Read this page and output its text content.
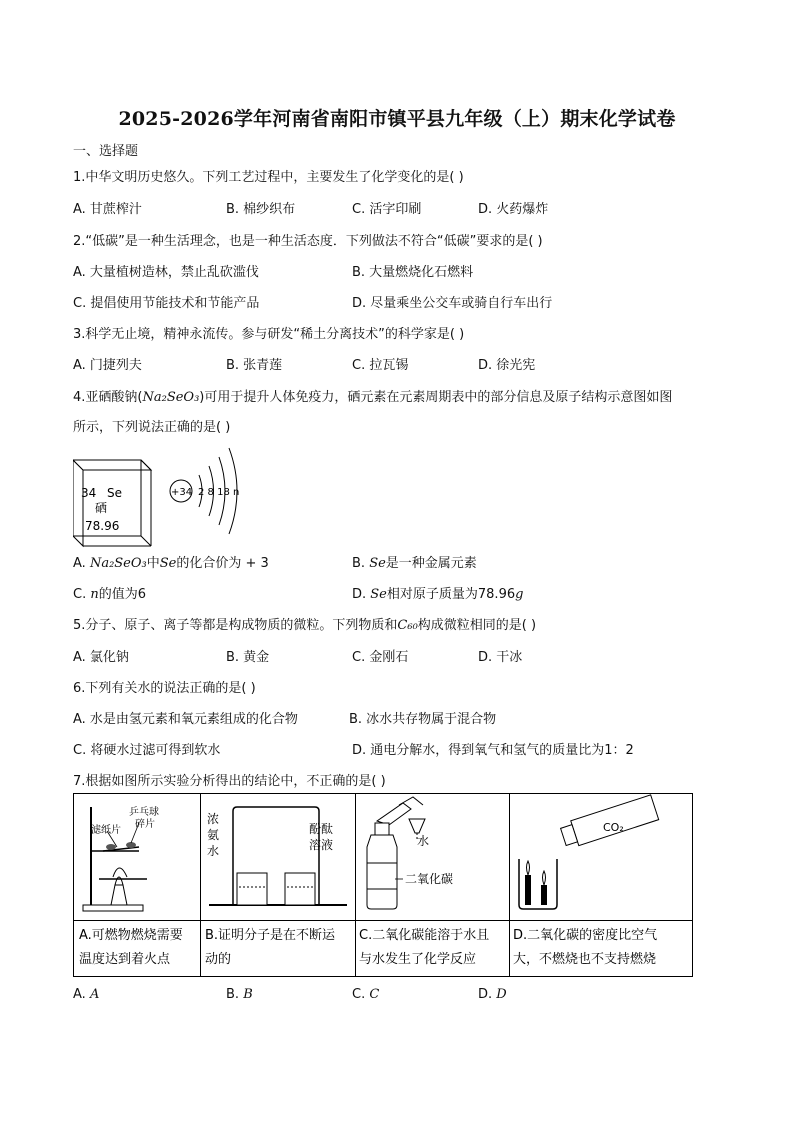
2025-2026学年河南省南阳市镇平县九年级（上）期末化学试卷
一、选择题
1.中华文明历史悠久。下列工艺过程中，主要发生了化学变化的是( )
A. 甘蔗榨汁	B. 棉纱织布	C. 活字印刷	D. 火药爆炸
2.“低碳”是一种生活理念，也是一种生活态度．下列做法不符合“低碳”要求的是( )
A. 大量植树造林，禁止乱砍滥伐	B. 大量燃烧化石燃料
C. 提倡使用节能技术和节能产品	D. 尽量乘坐公交车或骑自行车出行
3.科学无止境，精神永流传。参与研发“稀土分离技术”的科学家是( )
A. 门捷列夫	B. 张青莲	C. 拉瓦锡	D. 徐光宪
4.亚硒酸钠(Na₂SeO₃)可用于提升人体免疫力，硒元素在元素周期表中的部分信息及原子结构示意图如图
所示，下列说法正确的是( )
34 Se
硒
78.96
+34 2 8 18 n
A. Na₂SeO₃中Se的化合价为 + 3	B. Se是一种金属元素
C. n的值为6	D. Se相对原子质量为78.96g
5.分子、原子、离子等都是构成物质的微粒。下列物质和C₆₀构成微粒相同的是( )
A. 氯化钠	B. 黄金	C. 金刚石	D. 干冰
6.下列有关水的说法正确的是( )
A. 水是由氢元素和氧元素组成的化合物	B. 冰水共存物属于混合物
C. 将硬水过滤可得到软水	D. 通电分解水，得到氧气和氢气的质量比为1：2
7.根据如图所示实验分析得出的结论中，不正确的是( )
滤纸片
乒乓球
碎片	浓
氨
水
酚酞
溶液	水
二氧化碳
CO₂
A.可燃物燃烧需要
温度达到着火点
B.证明分子是在不断运
动的
C.二氧化碳能溶于水且
与水发生了化学反应
D.二氧化碳的密度比空气
大，不燃烧也不支持燃烧
A. A	B. B	C. C	D. D
